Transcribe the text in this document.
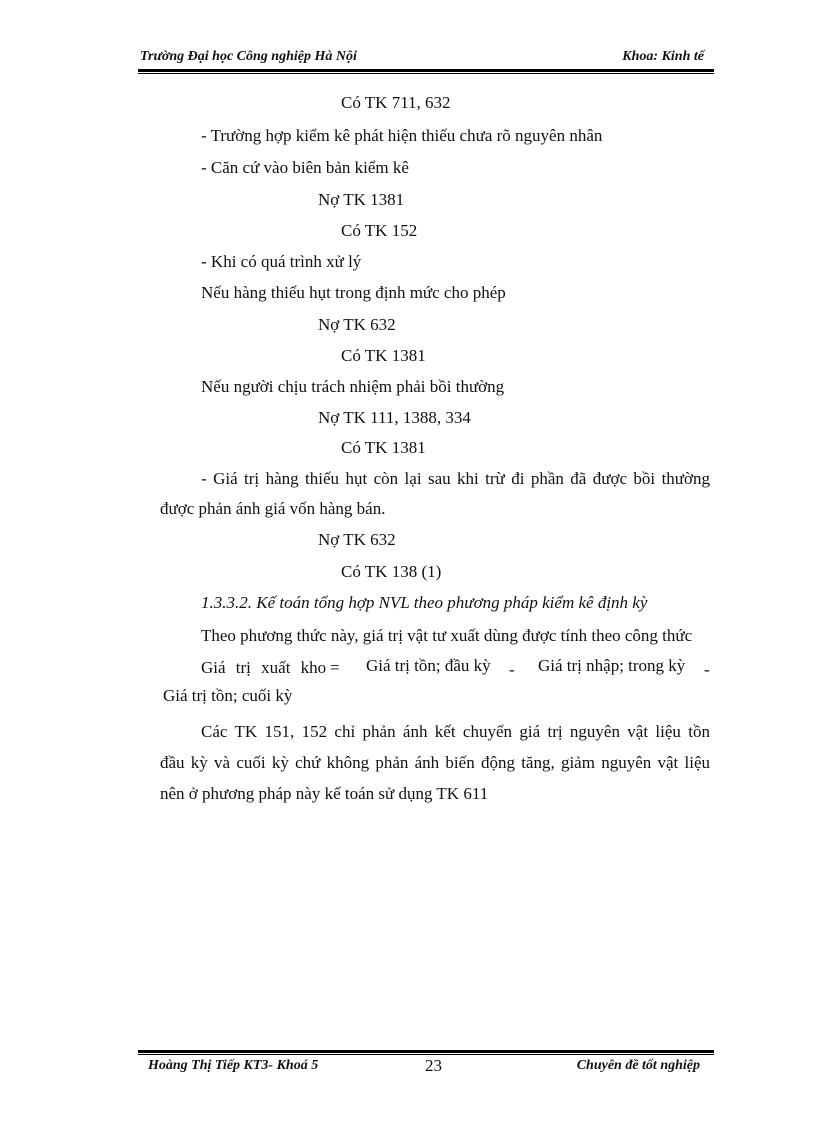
Trường Đại học Công nghiệp Hà Nội	Khoa: Kinh tế
Có TK 711, 632
- Trường hợp kiểm kê phát hiện thiếu chưa rõ nguyên nhân
- Căn cứ vào biên bản kiểm kê
Nợ TK 1381
Có TK 152
- Khi có quá trình xử lý
Nếu hàng thiếu hụt trong định mức cho phép
Nợ TK 632
Có TK 1381
Nếu người chịu trách nhiệm phải bồi thường
Nợ TK 111, 1388, 334
Có TK 1381
- Giá trị hàng thiếu hụt còn lại sau khi trừ đi phần đã được bồi thường
được phản ánh giá vốn hàng bán.
Nợ TK 632
Có TK 138 (1)
1.3.3.2. Kế toán tổng hợp NVL theo phương pháp kiểm kê định kỳ
Theo phương thức này, giá trị vật tư xuất dùng được tính theo công thức
Giá trị xuất kho = Giá trị tồn; đầu kỳ - Giá trị nhập; trong kỳ -
Giá trị tồn; cuối kỳ
Các TK 151, 152 chỉ phản ánh kết chuyển giá trị nguyên vật liệu tồn
đầu kỳ và cuối kỳ chứ không phản ánh biến động tăng, giảm nguyên vật liệu
nên ở phương pháp này kế toán sử dụng TK 611
Hoàng Thị Tiếp KT3- Khoá 5	23	Chuyên đề tốt nghiệp
